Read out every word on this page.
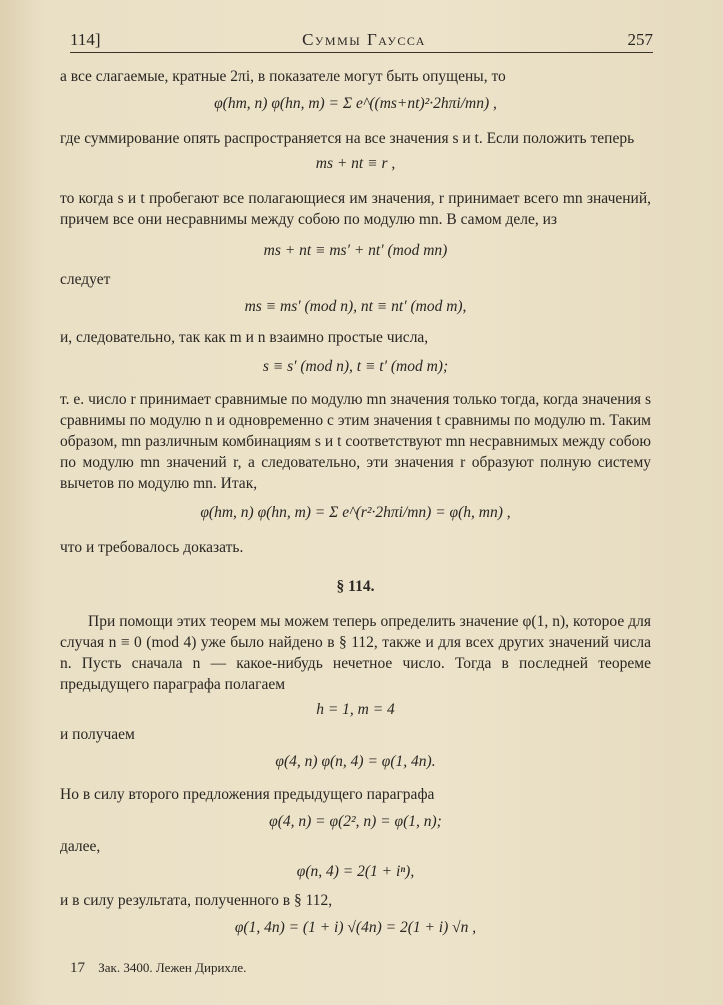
114]	Суммы Гаусса	257

а все слагаемые, кратные 2πi, в показателе могут быть опущены, то

φ(hm, n) φ(hn, m) = Σ e^((ms+nt)²·2hπi/mn) ,

где суммирование опять распространяется на все значения s и t. Если положить теперь

ms + nt ≡ r ,

то когда s и t пробегают все полагающиеся им значения, r принимает всего mn значений, причем все они несравнимы между собою по модулю mn. В самом деле, из

ms + nt ≡ ms′ + nt′ (mod mn)

следует

ms ≡ ms′ (mod n), nt ≡ nt′ (mod m),

и, следовательно, так как m и n взаимно простые числа,

s ≡ s′ (mod n), t ≡ t′ (mod m);

т. е. число r принимает сравнимые по модулю mn значения только тогда, когда значения s сравнимы по модулю n и одновременно с этим значения t сравнимы по модулю m. Таким образом, mn различным комбинациям s и t соответствуют mn несравнимых между собою по модулю mn значений r, а следовательно, эти значения r образуют полную систему вычетов по модулю mn. Итак,

φ(hm, n) φ(hn, m) = Σ e^(r²·2hπi/mn) = φ(h, mn) ,

что и требовалось доказать.

§ 114.

При помощи этих теорем мы можем теперь определить значение φ(1, n), которое для случая n ≡ 0 (mod 4) уже было найдено в § 112, также и для всех других значений числа n. Пусть сначала n — какое-нибудь нечетное число. Тогда в последней теореме предыдущего параграфа полагаем

h = 1, m = 4

и получаем

φ(4, n) φ(n, 4) = φ(1, 4n).

Но в силу второго предложения предыдущего параграфа

φ(4, n) = φ(2², n) = φ(1, n);

далее,

φ(n, 4) = 2(1 + iⁿ),

и в силу результата, полученного в § 112,

φ(1, 4n) = (1 + i) √(4n) = 2(1 + i) √n ,

17 Зак. 3400. Лежен Дирихле.
